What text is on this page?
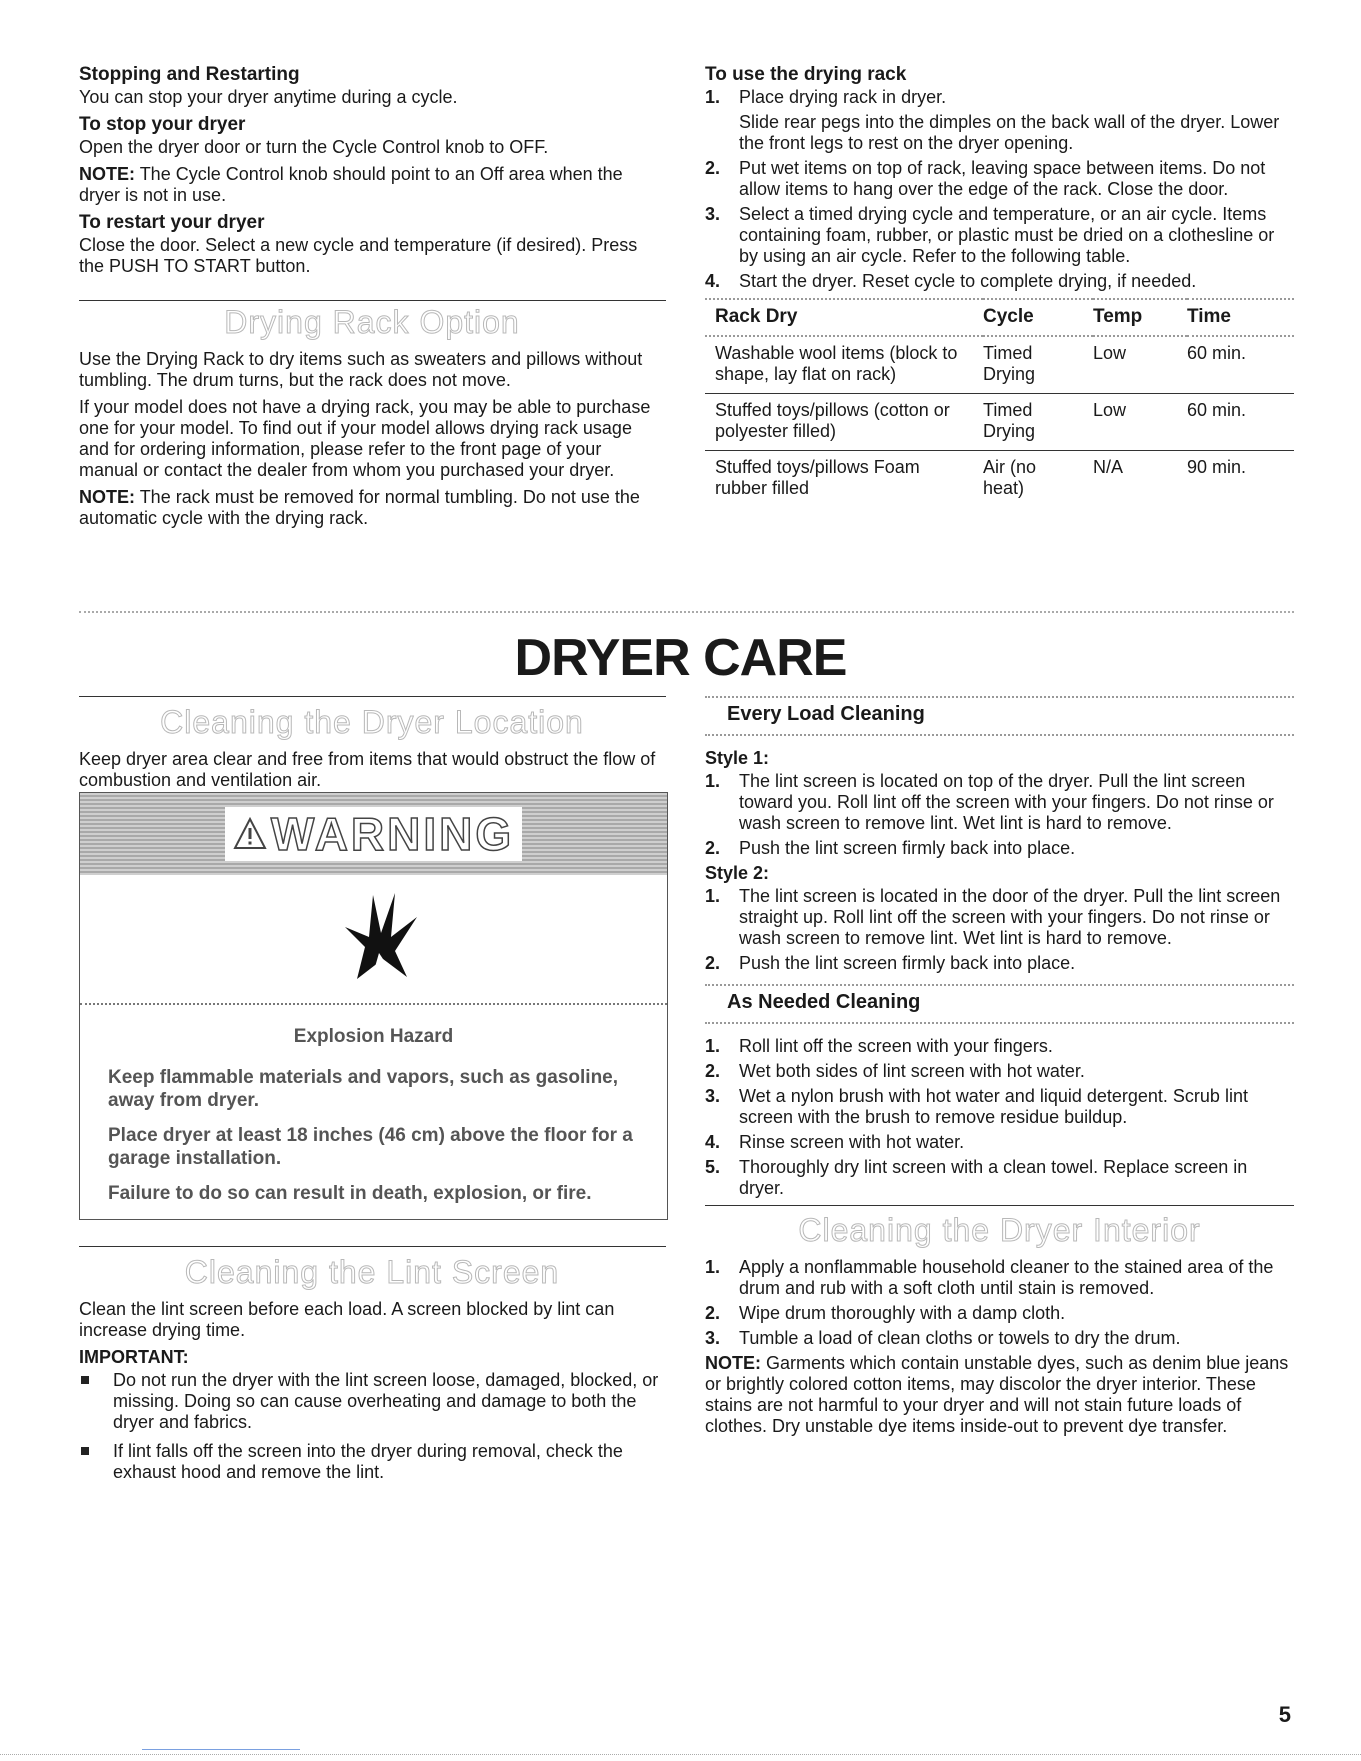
Stopping and Restarting

You can stop your dryer anytime during a cycle.

To stop your dryer

Open the dryer door or turn the Cycle Control knob to OFF.

NOTE: The Cycle Control knob should point to an Off area when the dryer is not in use.

To restart your dryer

Close the door. Select a new cycle and temperature (if desired). Press the PUSH TO START button.

Drying Rack Option

Use the Drying Rack to dry items such as sweaters and pillows without tumbling. The drum turns, but the rack does not move.

If your model does not have a drying rack, you may be able to purchase one for your model. To find out if your model allows drying rack usage and for ordering information, please refer to the front page of your manual or contact the dealer from whom you purchased your dryer.

NOTE: The rack must be removed for normal tumbling. Do not use the automatic cycle with the drying rack.

To use the drying rack

1. Place drying rack in dryer.
Slide rear pegs into the dimples on the back wall of the dryer. Lower the front legs to rest on the dryer opening.
2. Put wet items on top of rack, leaving space between items. Do not allow items to hang over the edge of the rack. Close the door.
3. Select a timed drying cycle and temperature, or an air cycle. Items containing foam, rubber, or plastic must be dried on a clothesline or by using an air cycle. Refer to the following table.
4. Start the dryer. Reset cycle to complete drying, if needed.
Rack Dry	Cycle	Temp	Time
Washable wool items (block to shape, lay flat on rack)	Timed Drying	Low	60 min.
Stuffed toys/pillows (cotton or polyester filled)	Timed Drying	Low	60 min.
Stuffed toys/pillows Foam rubber filled	Air (no heat)	N/A	90 min.
DRYER CARE

Cleaning the Dryer Location

Keep dryer area clear and free from items that would obstruct the flow of combustion and ventilation air.

WARNING

Explosion Hazard

Keep flammable materials and vapors, such as gasoline, away from dryer.

Place dryer at least 18 inches (46 cm) above the floor for a garage installation.

Failure to do so can result in death, explosion, or fire.

Cleaning the Lint Screen

Clean the lint screen before each load. A screen blocked by lint can increase drying time.

IMPORTANT:

Do not run the dryer with the lint screen loose, damaged, blocked, or missing. Doing so can cause overheating and damage to both the dryer and fabrics.
If lint falls off the screen into the dryer during removal, check the exhaust hood and remove the lint.
Every Load Cleaning

Style 1:

1. The lint screen is located on top of the dryer. Pull the lint screen toward you. Roll lint off the screen with your fingers. Do not rinse or wash screen to remove lint. Wet lint is hard to remove.
2. Push the lint screen firmly back into place.

Style 2:

1. The lint screen is located in the door of the dryer. Pull the lint screen straight up. Roll lint off the screen with your fingers. Do not rinse or wash screen to remove lint. Wet lint is hard to remove.
2. Push the lint screen firmly back into place.
As Needed Cleaning
1. Roll lint off the screen with your fingers.
2. Wet both sides of lint screen with hot water.
3. Wet a nylon brush with hot water and liquid detergent. Scrub lint screen with the brush to remove residue buildup.
4. Rinse screen with hot water.
5. Thoroughly dry lint screen with a clean towel. Replace screen in dryer.

Cleaning the Dryer Interior

1. Apply a nonflammable household cleaner to the stained area of the drum and rub with a soft cloth until stain is removed.
2. Wipe drum thoroughly with a damp cloth.
3. Tumble a load of clean cloths or towels to dry the drum.

NOTE: Garments which contain unstable dyes, such as denim blue jeans or brightly colored cotton items, may discolor the dryer interior. These stains are not harmful to your dryer and will not stain future loads of clothes. Dry unstable dye items inside-out to prevent dye transfer.

5
